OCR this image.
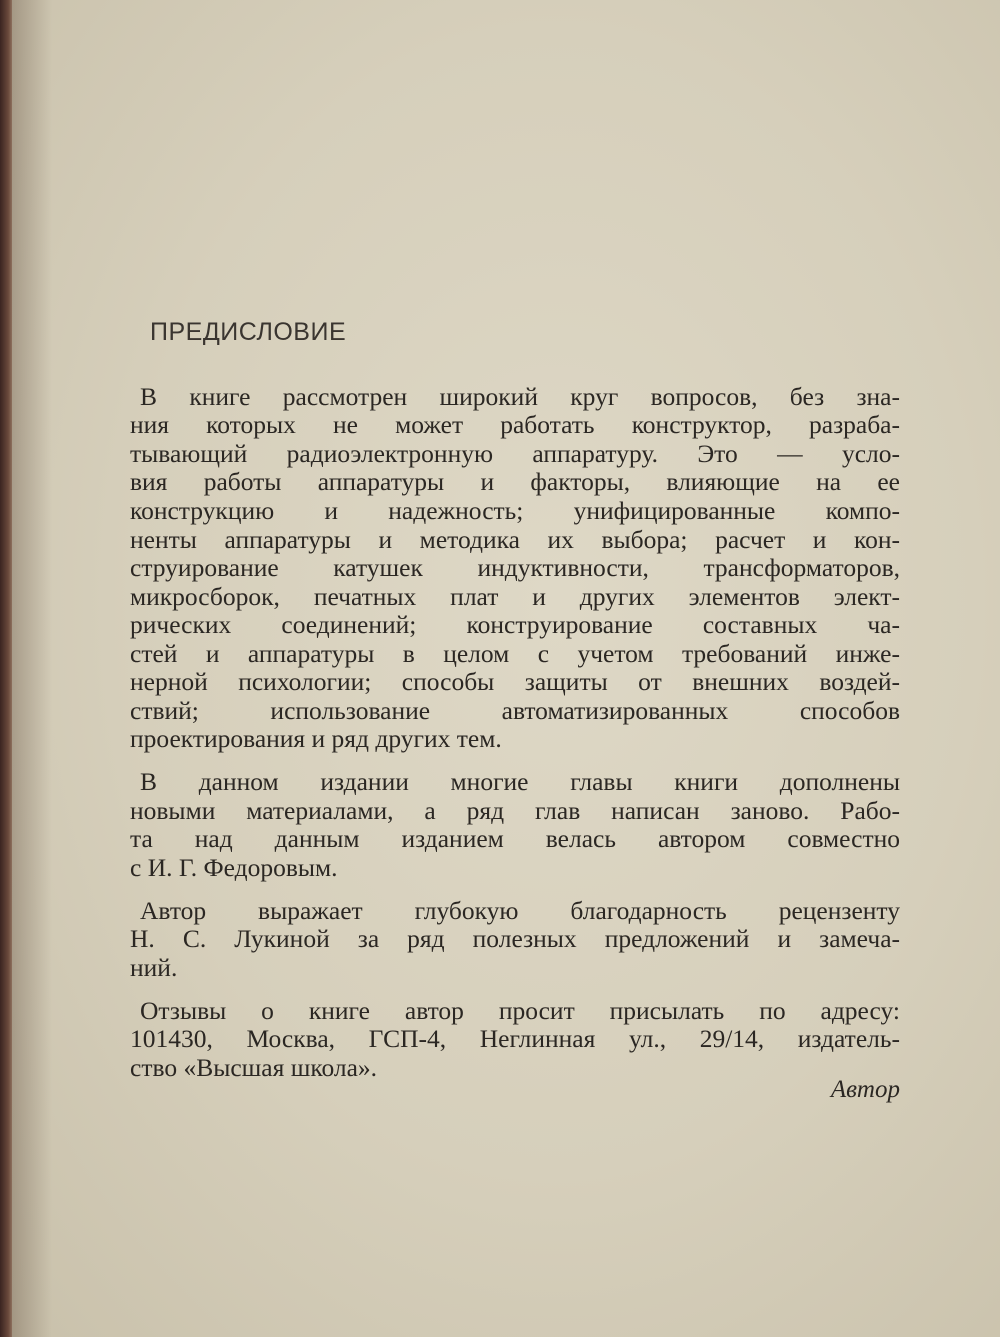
ПРЕДИСЛОВИЕ
В книге рассмотрен широкий круг вопросов, без зна-
ния которых не может работать конструктор, разраба-
тывающий радиоэлектронную аппаратуру. Это — усло-
вия работы аппаратуры и факторы, влияющие на ее
конструкцию и надежность; унифицированные компо-
ненты аппаратуры и методика их выбора; расчет и кон-
струирование катушек индуктивности, трансформаторов,
микросборок, печатных плат и других элементов элект-
рических соединений; конструирование составных ча-
стей и аппаратуры в целом с учетом требований инже-
нерной психологии; способы защиты от внешних воздей-
ствий; использование автоматизированных способов
проектирования и ряд других тем.
В данном издании многие главы книги дополнены
новыми материалами, а ряд глав написан заново. Рабо-
та над данным изданием велась автором совместно
с И. Г. Федоровым.
Автор выражает глубокую благодарность рецензенту
Н. С. Лукиной за ряд полезных предложений и замеча-
ний.
Отзывы о книге автор просит присылать по адресу:
101430, Москва, ГСП-4, Неглинная ул., 29/14, издатель-
ство «Высшая школа».
Автор
